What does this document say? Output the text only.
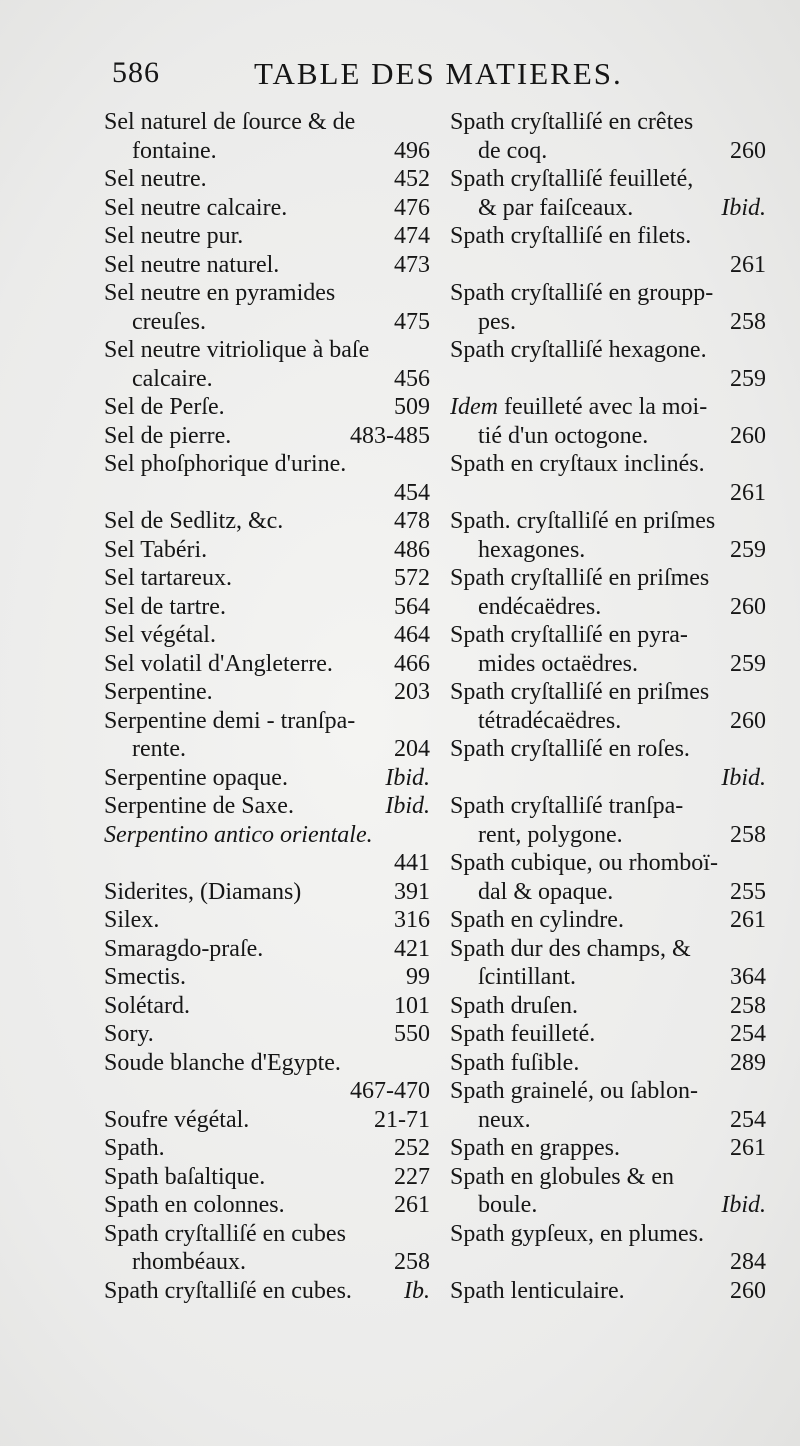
586	TABLE DES MATIERES.
Sel naturel de ſource & de
fontaine.	496
Sel neutre.	452
Sel neutre calcaire.	476
Sel neutre pur.	474
Sel neutre naturel.	473
Sel neutre en pyramides
creuſes.	475
Sel neutre vitriolique à baſe
calcaire.	456
Sel de Perſe.	509
Sel de pierre.	483-485
Sel phoſphorique d'urine.
454
Sel de Sedlitz, &c.	478
Sel Tabéri.	486
Sel tartareux.	572
Sel de tartre.	564
Sel végétal.	464
Sel volatil d'Angleterre.	466
Serpentine.	203
Serpentine demi - tranſpa-
rente.	204
Serpentine opaque.	Ibid.
Serpentine de Saxe.	Ibid.
Serpentino antico orientale.
441
Siderites, (Diamans)	391
Silex.	316
Smaragdo-praſe.	421
Smectis.	99
Solétard.	101
Sory.	550
Soude blanche d'Egypte.
467-470
Soufre végétal.	21-71
Spath.	252
Spath baſaltique.	227
Spath en colonnes.	261
Spath cryſtalliſé en cubes
rhombéaux.	258
Spath cryſtalliſé en cubes. Ib.
Spath cryſtalliſé en crêtes
de coq.	260
Spath cryſtalliſé feuilleté,
& par faiſceaux.	Ibid.
Spath cryſtalliſé en filets.
261
Spath cryſtalliſé en groupp-
pes.	258
Spath cryſtalliſé hexagone.
259
Idem feuilleté avec la moi-
tié d'un octogone.	260
Spath en cryſtaux inclinés.
261
Spath. cryſtalliſé en priſmes
hexagones.	259
Spath cryſtalliſé en priſmes
endécaëdres.	260
Spath cryſtalliſé en pyra-
mides octaëdres.	259
Spath cryſtalliſé en priſmes
tétradécaëdres.	260
Spath cryſtalliſé en roſes.
Ibid.
Spath cryſtalliſé tranſpa-
rent, polygone.	258
Spath cubique, ou rhomboï-
dal & opaque.	255
Spath en cylindre.	261
Spath dur des champs, &
ſcintillant.	364
Spath druſen.	258
Spath feuilleté.	254
Spath fuſible.	289
Spath grainelé, ou ſablon-
neux.	254
Spath en grappes.	261
Spath en globules & en
boule.	Ibid.
Spath gypſeux, en plumes.
284
Spath lenticulaire.	260
